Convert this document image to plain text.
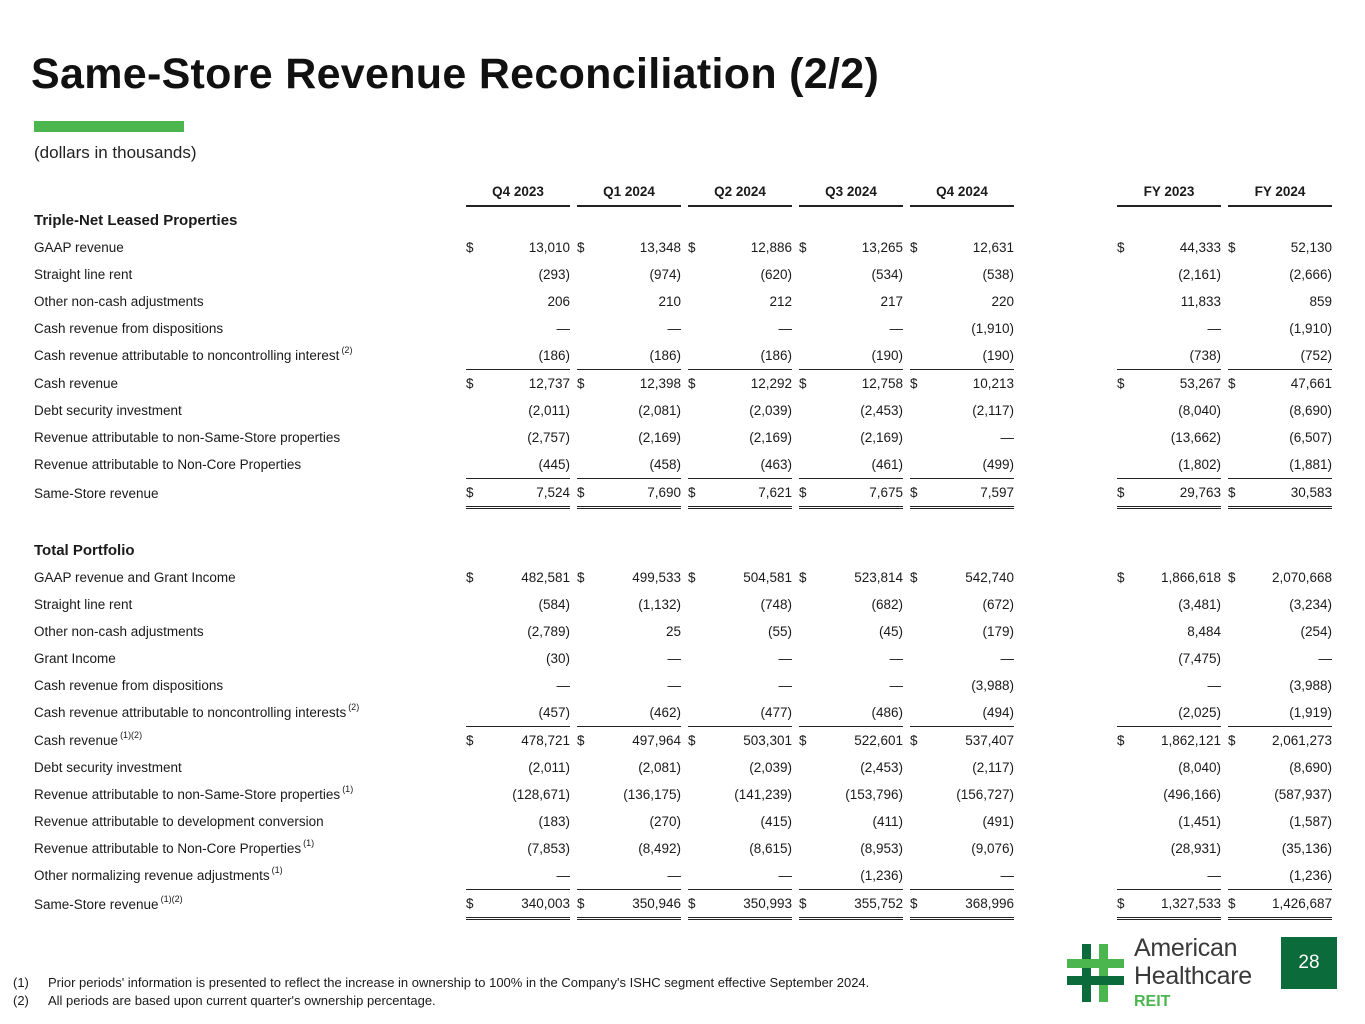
Same-Store Revenue Reconciliation (2/2)
(dollars in thousands)
	Q4 2023			Q1 2024			Q2 2024			Q3 2024			Q4 2024			FY 2023			FY 2024	
Triple-Net Leased Properties																				
GAAP revenue	$	13,010		$	13,348		$	12,886		$	13,265		$	12,631		$	44,333		$	52,130
Straight line rent		(293)			(974)			(620)			(534)			(538)			(2,161)			(2,666)
Other non-cash adjustments		206			210			212			217			220			11,833			859
Cash revenue from dispositions		—			—			—			—			(1,910)			—			(1,910)
Cash revenue attributable to noncontrolling interest $^{(2)}$		(186)			(186)			(186)			(190)			(190)			(738)			(752)
Cash revenue	$	12,737		$	12,398		$	12,292		$	12,758		$	10,213		$	53,267		$	47,661
Debt security investment		(2,011)			(2,081)			(2,039)			(2,453)			(2,117)			(8,040)			(8,690)
Revenue attributable to non-Same-Store properties		(2,757)			(2,169)			(2,169)			(2,169)			—			(13,662)			(6,507)
Revenue attributable to Non-Core Properties		(445)			(458)			(463)			(461)			(499)			(1,802)			(1,881)
Same-Store revenue	$	7,524		$	7,690		$	7,621		$	7,675		$	7,597		$	29,763		$	30,583

Total Portfolio																				
GAAP revenue and Grant Income	$	482,581		$	499,533		$	504,581		$	523,814		$	542,740		$	1,866,618		$	2,070,668
Straight line rent		(584)			(1,132)			(748)			(682)			(672)			(3,481)			(3,234)
Other non-cash adjustments		(2,789)			25			(55)			(45)			(179)			8,484			(254)
Grant Income		(30)			—			—			—			—			(7,475)			—
Cash revenue from dispositions		—			—			—			—			(3,988)			—			(3,988)
Cash revenue attributable to noncontrolling interests $^{(2)}$		(457)			(462)			(477)			(486)			(494)			(2,025)			(1,919)
Cash revenue $^{(1)(2)}$	$	478,721		$	497,964		$	503,301		$	522,601		$	537,407		$	1,862,121		$	2,061,273
Debt security investment		(2,011)			(2,081)			(2,039)			(2,453)			(2,117)			(8,040)			(8,690)
Revenue attributable to non-Same-Store properties $^{(1)}$		(128,671)			(136,175)			(141,239)			(153,796)			(156,727)			(496,166)			(587,937)
Revenue attributable to development conversion		(183)			(270)			(415)			(411)			(491)			(1,451)			(1,587)
Revenue attributable to Non-Core Properties $^{(1)}$		(7,853)			(8,492)			(8,615)			(8,953)			(9,076)			(28,931)			(35,136)
Other normalizing revenue adjustments $^{(1)}$		—			—			—			(1,236)			—			—			(1,236)
Same-Store revenue $^{(1)(2)}$	$	340,003		$	350,946		$	350,993		$	355,752		$	368,996		$	1,327,533		$	1,426,687
(1)	Prior periods' information is presented to reflect the increase in ownership to 100% in the Company's ISHC segment effective September 2024.
(2)	All periods are based upon current quarter's ownership percentage.
American
Healthcare
REIT
28
